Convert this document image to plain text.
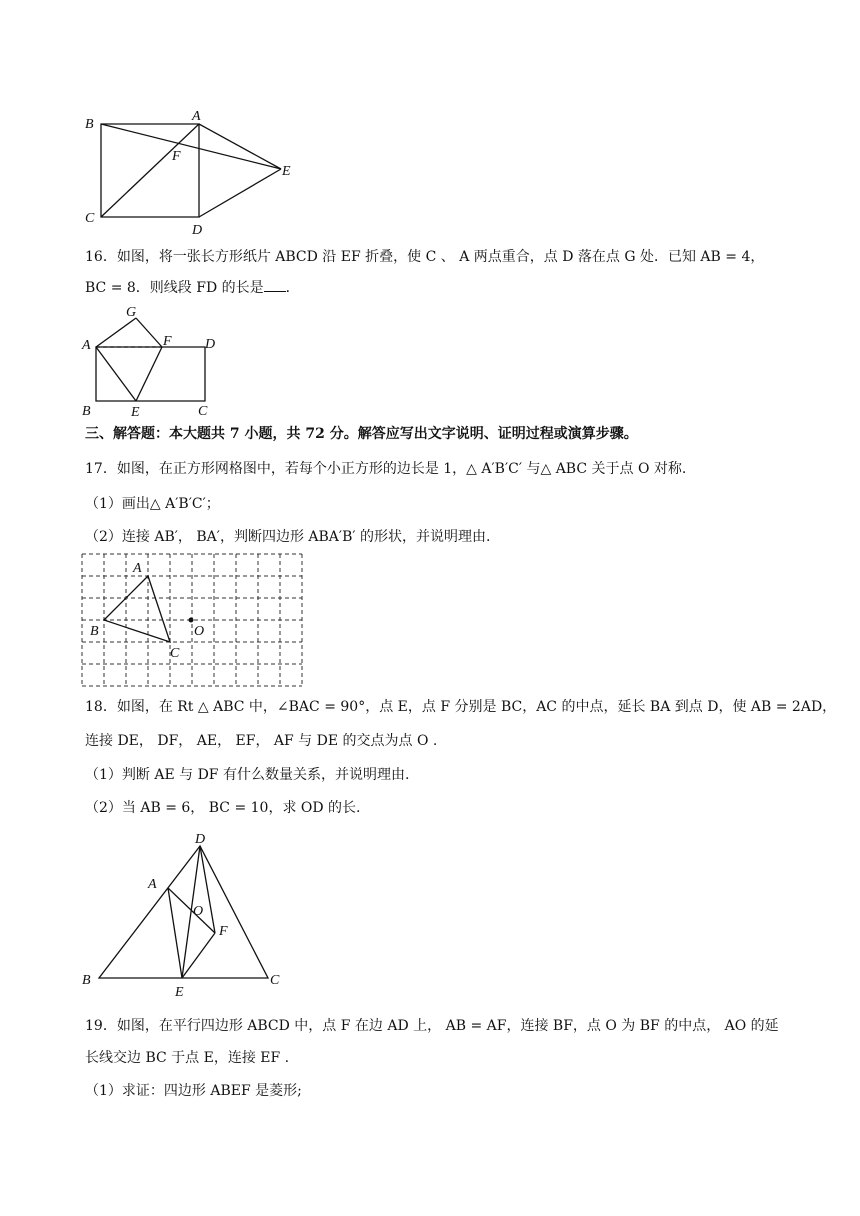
B
A
F
E
C
D
16．如图，将一张长方形纸片 ABCD 沿 EF 折叠，使 C 、 A 两点重合，点 D 落在点 G 处．已知 AB = 4，
BC = 8．则线段 FD 的长是 ．
G
A	F D
B	E	C
三、解答题：本大题共 7 小题，共 72 分。解答应写出文字说明、证明过程或演算步骤。
17．如图，在正方形网格图中，若每个小正方形的边长是 1，△ A′B′C′ 与△ ABC 关于点 O 对称.
（1）画出△ A′B′C′；
（2）连接 AB′， BA′，判断四边形 ABA′B′ 的形状，并说明理由.
A
B
C
O
18．如图，在 Rt △ ABC 中，∠BAC = 90°，点 E，点 F 分别是 BC，AC 的中点，延长 BA 到点 D，使 AB = 2AD，
连接 DE， DF， AE， EF， AF 与 DE 的交点为点 O .
（1）判断 AE 与 DF 有什么数量关系，并说明理由.
（2）当 AB = 6， BC = 10，求 OD 的长.
D
A
O
F
B
E
C
19．如图，在平行四边形 ABCD 中，点 F 在边 AD 上， AB = AF，连接 BF，点 O 为 BF 的中点， AO 的延
长线交边 BC 于点 E，连接 EF .
（1）求证：四边形 ABEF 是菱形;
